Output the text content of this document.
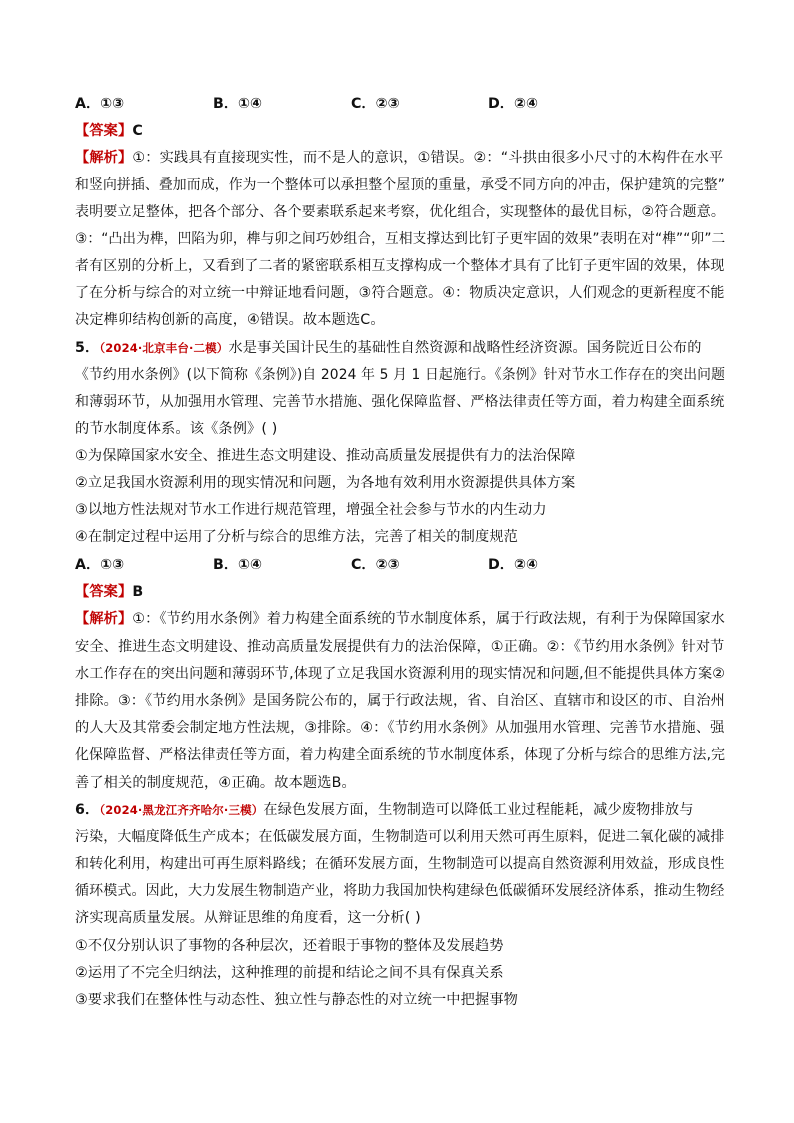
A．①③	B．①④	C．②③	D．②④
【答案】C
【解析】①：实践具有直接现实性，而不是人的意识，①错误。②：“斗拱由很多小尺寸的木构件在水平
和竖向拼插、叠加而成，作为一个整体可以承担整个屋顶的重量，承受不同方向的冲击，保护建筑的完整”
表明要立足整体，把各个部分、各个要素联系起来考察，优化组合，实现整体的最优目标，②符合题意。
③：“凸出为榫，凹陷为卯，榫与卯之间巧妙组合，互相支撑达到比钉子更牢固的效果”表明在对“榫”“卯”二
者有区别的分析上，又看到了二者的紧密联系相互支撑构成一个整体才具有了比钉子更牢固的效果，体现
了在分析与综合的对立统一中辩证地看问题，③符合题意。④：物质决定意识，人们观念的更新程度不能
决定榫卯结构创新的高度，④错误。故本题选C。
5．（2024·北京丰台·二模）水是事关国计民生的基础性自然资源和战略性经济资源。国务院近日公布的
《节约用水条例》(以下简称《条例》)自 2024 年 5 月 1 日起施行。《条例》针对节水工作存在的突出问题
和薄弱环节，从加强用水管理、完善节水措施、强化保障监督、严格法律责任等方面，着力构建全面系统
的节水制度体系。该《条例》( )
①为保障国家水安全、推进生态文明建设、推动高质量发展提供有力的法治保障
②立足我国水资源利用的现实情况和问题，为各地有效利用水资源提供具体方案
③以地方性法规对节水工作进行规范管理，增强全社会参与节水的内生动力
④在制定过程中运用了分析与综合的思维方法，完善了相关的制度规范
A．①③	B．①④	C．②③	D．②④
【答案】B
【解析】①：《节约用水条例》着力构建全面系统的节水制度体系，属于行政法规，有利于为保障国家水
安全、推进生态文明建设、推动高质量发展提供有力的法治保障，①正确。②：《节约用水条例》针对节
水工作存在的突出问题和薄弱环节,体现了立足我国水资源利用的现实情况和问题,但不能提供具体方案②
排除。③：《节约用水条例》是国务院公布的，属于行政法规，省、自治区、直辖市和设区的市、自治州
的人大及其常委会制定地方性法规，③排除。④：《节约用水条例》从加强用水管理、完善节水措施、强
化保障监督、严格法律责任等方面，着力构建全面系统的节水制度体系，体现了分析与综合的思维方法,完
善了相关的制度规范，④正确。故本题选B。
6．（2024·黑龙江齐齐哈尔·三模）在绿色发展方面，生物制造可以降低工业过程能耗，减少废物排放与
污染，大幅度降低生产成本；在低碳发展方面，生物制造可以利用天然可再生原料，促进二氧化碳的减排
和转化利用，构建出可再生原料路线；在循环发展方面，生物制造可以提高自然资源利用效益，形成良性
循环模式。因此，大力发展生物制造产业，将助力我国加快构建绿色低碳循环发展经济体系，推动生物经
济实现高质量发展。从辩证思维的角度看，这一分析( )
①不仅分别认识了事物的各种层次，还着眼于事物的整体及发展趋势
②运用了不完全归纳法，这种推理的前提和结论之间不具有保真关系
③要求我们在整体性与动态性、独立性与静态性的对立统一中把握事物
